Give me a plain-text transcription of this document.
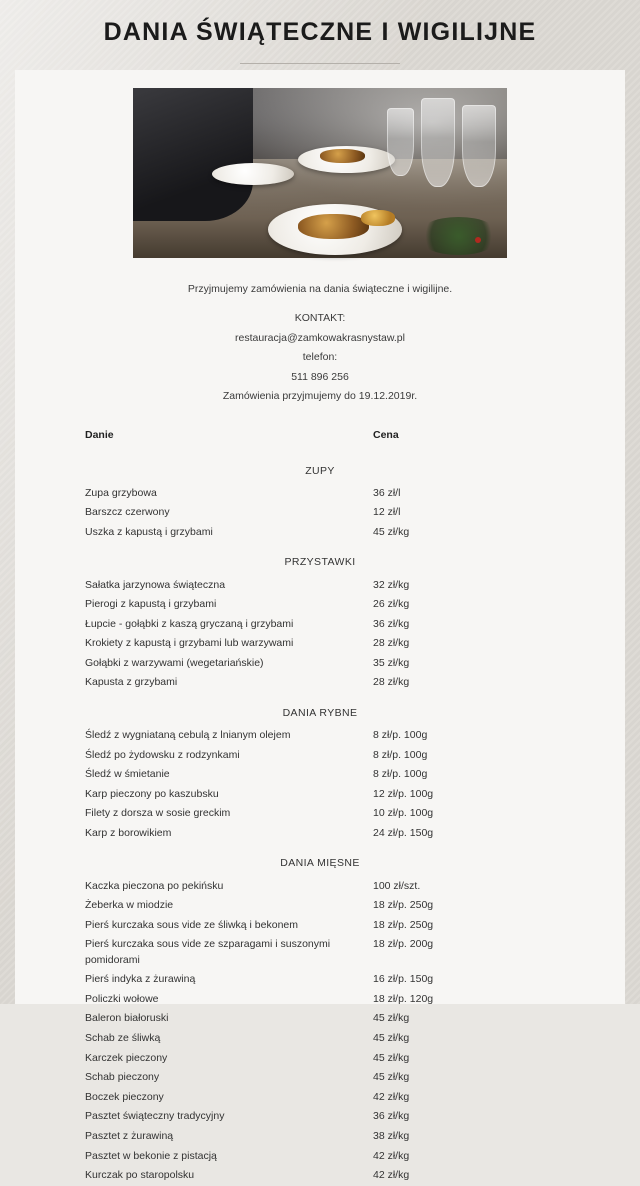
DANIA ŚWIĄTECZNE I WIGILIJNE
Przyjmujemy zamówienia na dania świąteczne i wigilijne.
KONTAKT:
restauracja@zamkowakrasnystaw.pl
telefon:
511 896 256
Zamówienia przyjmujemy do 19.12.2019r.
Danie	Cena
ZUPY
Zupa grzybowa	36 zł/l
Barszcz czerwony	12 zł/l
Uszka z kapustą i grzybami	45 zł/kg
PRZYSTAWKI
Sałatka jarzynowa świąteczna	32 zł/kg
Pierogi z kapustą i grzybami	26 zł/kg
Łupcie - gołąbki z kaszą gryczaną i grzybami	36 zł/kg
Krokiety z kapustą i grzybami lub warzywami	28 zł/kg
Gołąbki z warzywami (wegetariańskie)	35 zł/kg
Kapusta z grzybami	28 zł/kg
DANIA RYBNE
Śledź z wygniataną cebulą z lnianym olejem	8 zł/p. 100g
Śledź po żydowsku z rodzynkami	8 zł/p. 100g
Śledź w śmietanie	8 zł/p. 100g
Karp pieczony po kaszubsku	12 zł/p. 100g
Filety z dorsza w sosie greckim	10 zł/p. 100g
Karp z borowikiem	24 zł/p. 150g
DANIA MIĘSNE
Kaczka pieczona po pekińsku	100 zł/szt.
Żeberka w miodzie	18 zł/p. 250g
Pierś kurczaka sous vide ze śliwką i bekonem	18 zł/p. 250g
Pierś kurczaka sous vide ze szparagami i suszonymi pomidorami
18 zł/p. 200g
Pierś indyka z żurawiną	16 zł/p. 150g
Policzki wołowe	18 zł/p. 120g
Baleron białoruski	45 zł/kg
Schab ze śliwką	45 zł/kg
Karczek pieczony	45 zł/kg
Schab pieczony	45 zł/kg
Boczek pieczony	42 zł/kg
Pasztet świąteczny tradycyjny	36 zł/kg
Pasztet z żurawiną	38 zł/kg
Pasztet w bekonie z pistacją	42 zł/kg
Kurczak po staropolsku	42 zł/kg
